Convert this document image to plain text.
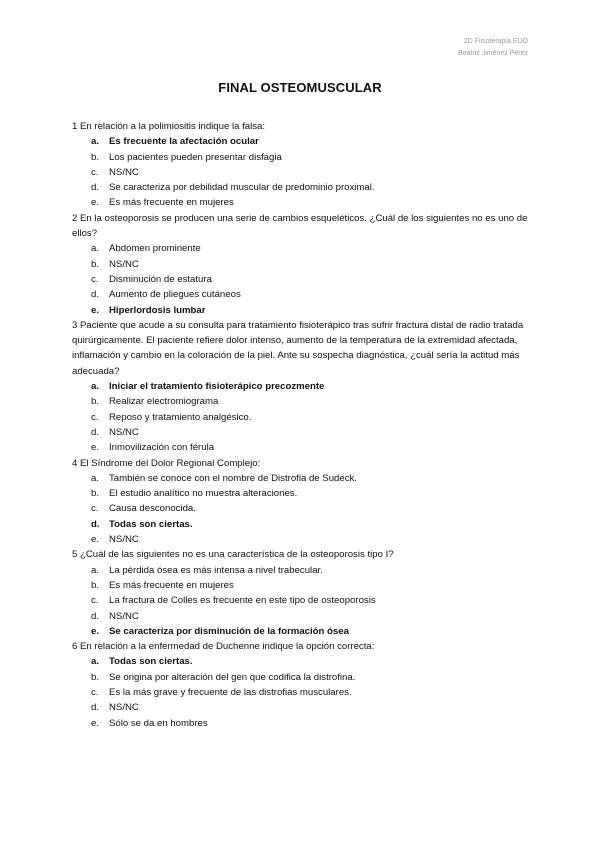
2D Fisioterapia EUO
Beatriz Jiménez Pérez
FINAL OSTEOMUSCULAR

1 En relación a la polimiositis indique la falsa:

a. Es frecuente la afectación ocular
b. Los pacientes pueden presentar disfagia
c. NS/NC
d. Se caracteriza por debilidad muscular de predominio proximal.
e. Es más frecuente en mujeres

2 En la osteoporosis se producen una serie de cambios esqueléticos. ¿Cuál de los siguientes no es uno de ellos?

a. Abdomen prominente
b. NS/NC
c. Disminución de estatura
d. Aumento de pliegues cutáneos
e. Hiperlordosis lumbar

3 Paciente que acude a su consulta para tratamiento fisioterápico tras sufrir fractura distal de radio tratada quirúrgicamente. El paciente refiere dolor intenso, aumento de la temperatura de la extremidad afectada, inflamación y cambio en la coloración de la piel. Ante su sospecha diagnóstica, ¿cuál sería la actitud más adecuada?

a. Iniciar el tratamiento fisioterápico precozmente
b. Realizar electromiograma
c. Reposo y tratamiento analgésico.
d. NS/NC
e. Inmovilización con férula

4 El Síndrome del Dolor Regional Complejo:

a. También se conoce con el nombre de Distrofia de Sudeck.
b. El estudio analítico no muestra alteraciones.
c. Causa desconocida.
d. Todas son ciertas.
e. NS/NC

5 ¿Cuál de las siguientes no es una característica de la osteoporosis tipo I?

a. La pérdida ósea es más intensa a nivel trabecular.
b. Es más frecuente en mujeres
c. La fractura de Colles es frecuente en este tipo de osteoporosis
d. NS/NC
e. Se caracteriza por disminución de la formación ósea

6 En relación a la enfermedad de Duchenne indique la opción correcta:

a. Todas son ciertas.
b. Se origina por alteración del gen que codifica la distrofina.
c. Es la más grave y frecuente de las distrofias musculares.
d. NS/NC
e. Sólo se da en hombres
